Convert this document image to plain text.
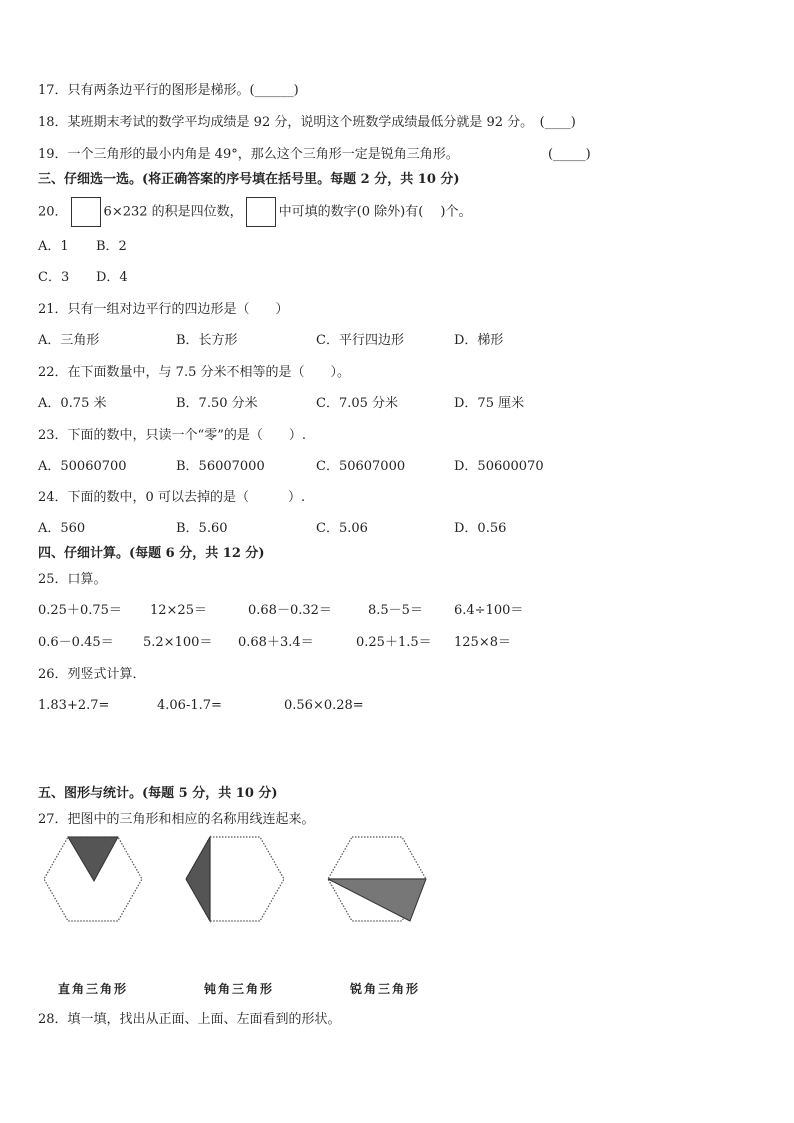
17．只有两条边平行的图形是梯形。(______)
18．某班期末考试的数学平均成绩是 92 分，说明这个班数学成绩最低分就是 92 分。　(____)
19．一个三角形的最小内角是 49°，那么这个三角形一定是锐角三角形。	(_____)
三、仔细选一选。(将正确答案的序号填在括号里。每题 2 分，共 10 分)
20．	6×232 的积是四位数，	中可填的数字(0 除外)有(　 )个。
A．1 B．2
C．3 D．4
21．只有一组对边平行的四边形是（　　）
A．三角形	B．长方形	C．平行四边形	D．梯形
22．在下面数量中，与 7.5 分米不相等的是（　　）。
A．0.75 米	B．7.50 分米	C．7.05 分米	D．75 厘米
23．下面的数中，只读一个“零”的是（　　）.
A．50060700	B．56007000	C．50607000	D．50600070
24．下面的数中，0 可以去掉的是（　　　）.
A．560	B．5.60	C．5.06	D．0.56
四、仔细计算。(每题 6 分，共 12 分)
25．口算。
0.25＋0.75＝ 12×25＝	0.68－0.32＝	8.5－5＝ 6.4÷100＝
0.6－0.45＝ 5.2×100＝ 0.68＋3.4＝	0.25＋1.5＝ 125×8＝
26．列竖式计算．
1.83+2.7=	4.06-1.7=	0.56×0.28=
五、图形与统计。(每题 5 分，共 10 分)
27．把图中的三角形和相应的名称用线连起来。
直角三角形	钝角三角形	锐角三角形
28．填一填，找出从正面、上面、左面看到的形状。
